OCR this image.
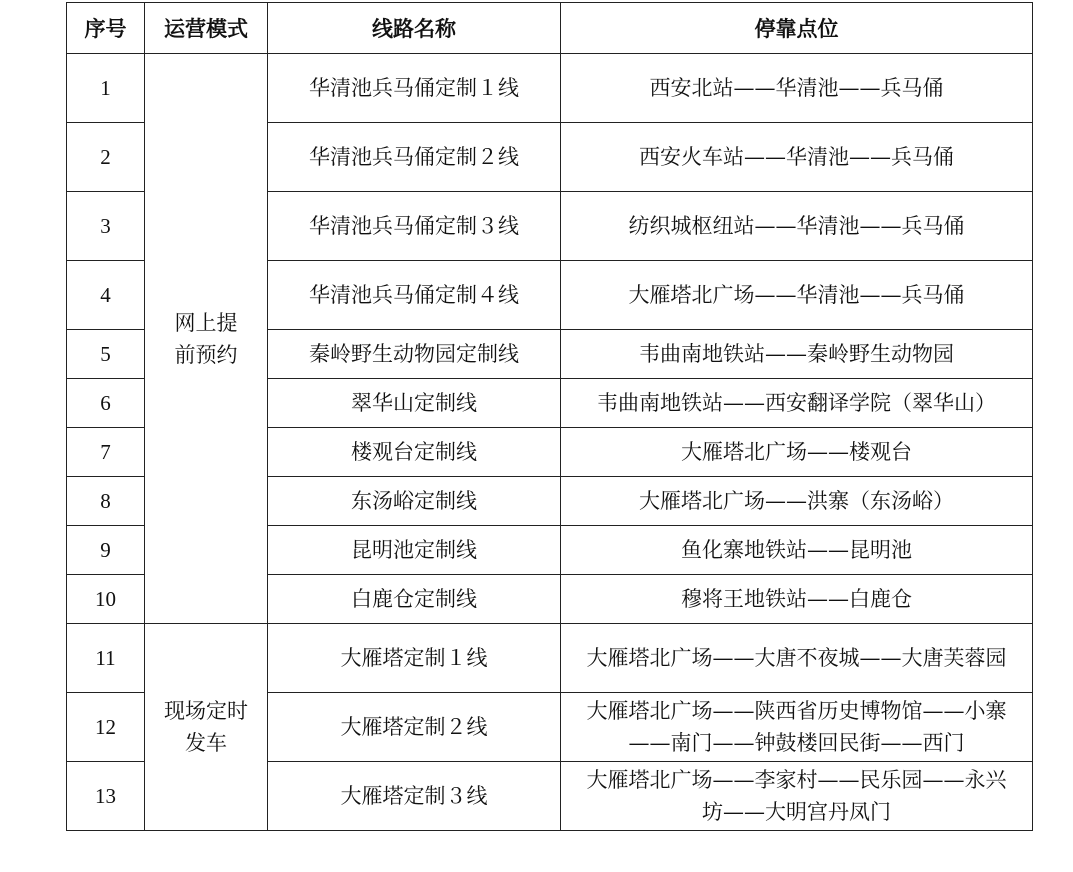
序号	运营模式	线路名称	停靠点位
1	网上提前预约	华清池兵马俑定制１线	西安北站——华清池——兵马俑
2		华清池兵马俑定制２线	西安火车站——华清池——兵马俑
3		华清池兵马俑定制３线	纺织城枢纽站——华清池——兵马俑
4		华清池兵马俑定制４线	大雁塔北广场——华清池——兵马俑
5		秦岭野生动物园定制线	韦曲南地铁站——秦岭野生动物园
6		翠华山定制线	韦曲南地铁站——西安翻译学院（翠华山）
7		楼观台定制线	大雁塔北广场——楼观台
8		东汤峪定制线	大雁塔北广场——洪寨（东汤峪）
9		昆明池定制线	鱼化寨地铁站——昆明池
10		白鹿仓定制线	穆将王地铁站——白鹿仓
11	现场定时发车	大雁塔定制１线	大雁塔北广场——大唐不夜城——大唐芙蓉园
12		大雁塔定制２线	大雁塔北广场——陕西省历史博物馆——小寨——南门——钟鼓楼回民街——西门
13		大雁塔定制３线	大雁塔北广场——李家村——民乐园——永兴坊——大明宫丹凤门
